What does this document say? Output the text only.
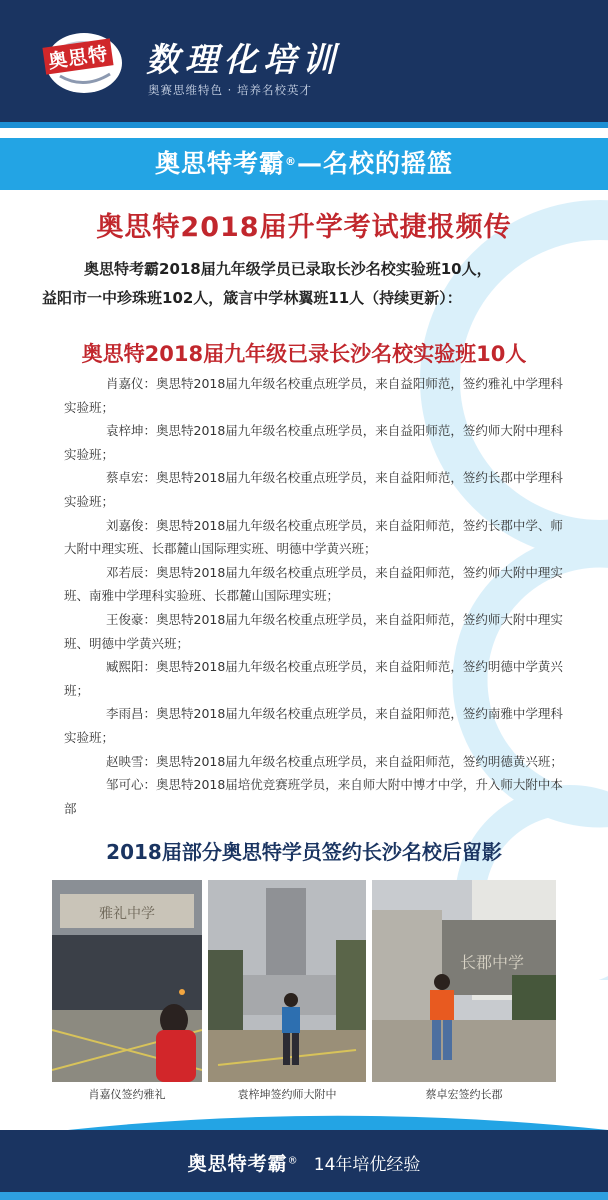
奥思特 数理化培训
奥赛思维特色 · 培养名校英才
奥思特考霸®—名校的摇篮
奥思特2018届升学考试捷报频传
奥思特考霸2018届九年级学员已录取长沙名校实验班10人，
益阳市一中珍珠班102人，箴言中学林翼班11人（持续更新）：
奥思特2018届九年级已录长沙名校实验班10人

肖嘉仪：奥思特2018届九年级名校重点班学员，来自益阳师范，签约雅礼中学理科实验班；

袁梓坤：奥思特2018届九年级名校重点班学员，来自益阳师范，签约师大附中理科实验班；

蔡卓宏：奥思特2018届九年级名校重点班学员，来自益阳师范，签约长郡中学理科实验班；

刘嘉俊：奥思特2018届九年级名校重点班学员，来自益阳师范，签约长郡中学、师大附中理实班、长郡麓山国际理实班、明德中学黄兴班；

邓若辰：奥思特2018届九年级名校重点班学员，来自益阳师范，签约师大附中理实班、南雅中学理科实验班、长郡麓山国际理实班；

王俊豪：奥思特2018届九年级名校重点班学员，来自益阳师范，签约师大附中理实班、明德中学黄兴班；

臧熙阳：奥思特2018届九年级名校重点班学员，来自益阳师范，签约明德中学黄兴班；

李雨昌：奥思特2018届九年级名校重点班学员，来自益阳师范，签约南雅中学理科实验班；

赵映雪：奥思特2018届九年级名校重点班学员，来自益阳师范，签约明德黄兴班；

邹可心：奥思特2018届培优竞赛班学员，来自师大附中博才中学，升入师大附中本部

2018届部分奥思特学员签约长沙名校后留影
雅礼中学
长郡中学
肖嘉仪签约雅礼	袁梓坤签约师大附中	蔡卓宏签约长郡
奥思特考霸® 14年培优经验
